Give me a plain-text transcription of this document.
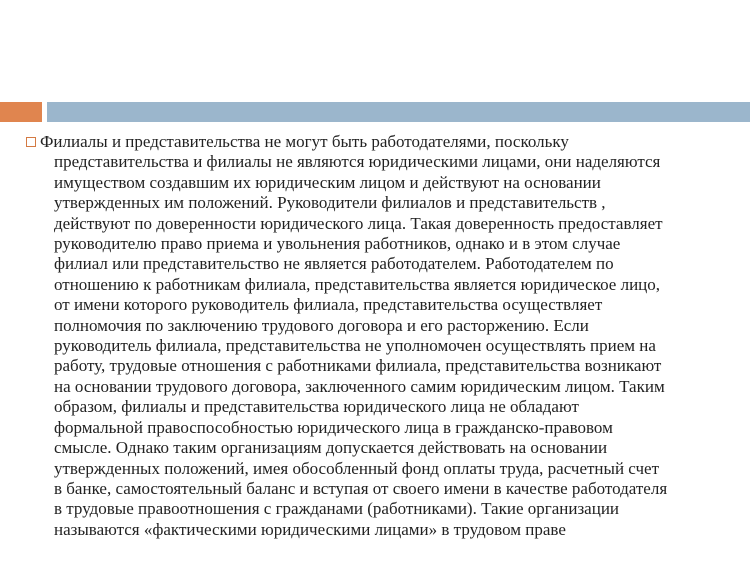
Филиалы и представительства не могут быть работодателями, поскольку
представительства и филиалы не являются юридическими лицами, они наделяются
имуществом создавшим их юридическим лицом и действуют на основании
утвержденных им положений. Руководители филиалов и представительств ,
действуют по доверенности юридического лица. Такая доверенность предоставляет
руководителю право приема и увольнения работников, однако и в этом случае
филиал или представительство не является работодателем. Работодателем по
отношению к работникам филиала, представительства является юридическое лицо,
от имени которого руководитель филиала, представительства осуществляет
полномочия по заключению трудового договора и его расторжению. Если
руководитель филиала, представительства не уполномочен осуществлять прием на
работу, трудовые отношения с работниками филиала, представительства возникают
на основании трудового договора, заключенного самим юридическим лицом. Таким
образом, филиалы и представительства юридического лица не обладают
формальной правоспособностью юридического лица в гражданско-правовом
смысле. Однако таким организациям допускается действовать на основании
утвержденных положений, имея обособленный фонд оплаты труда, расчетный счет
в банке, самостоятельный баланс и вступая от своего имени в качестве работодателя
в трудовые правоотношения с гражданами (работниками). Такие организации
называются «фактическими юридическими лицами» в трудовом праве
